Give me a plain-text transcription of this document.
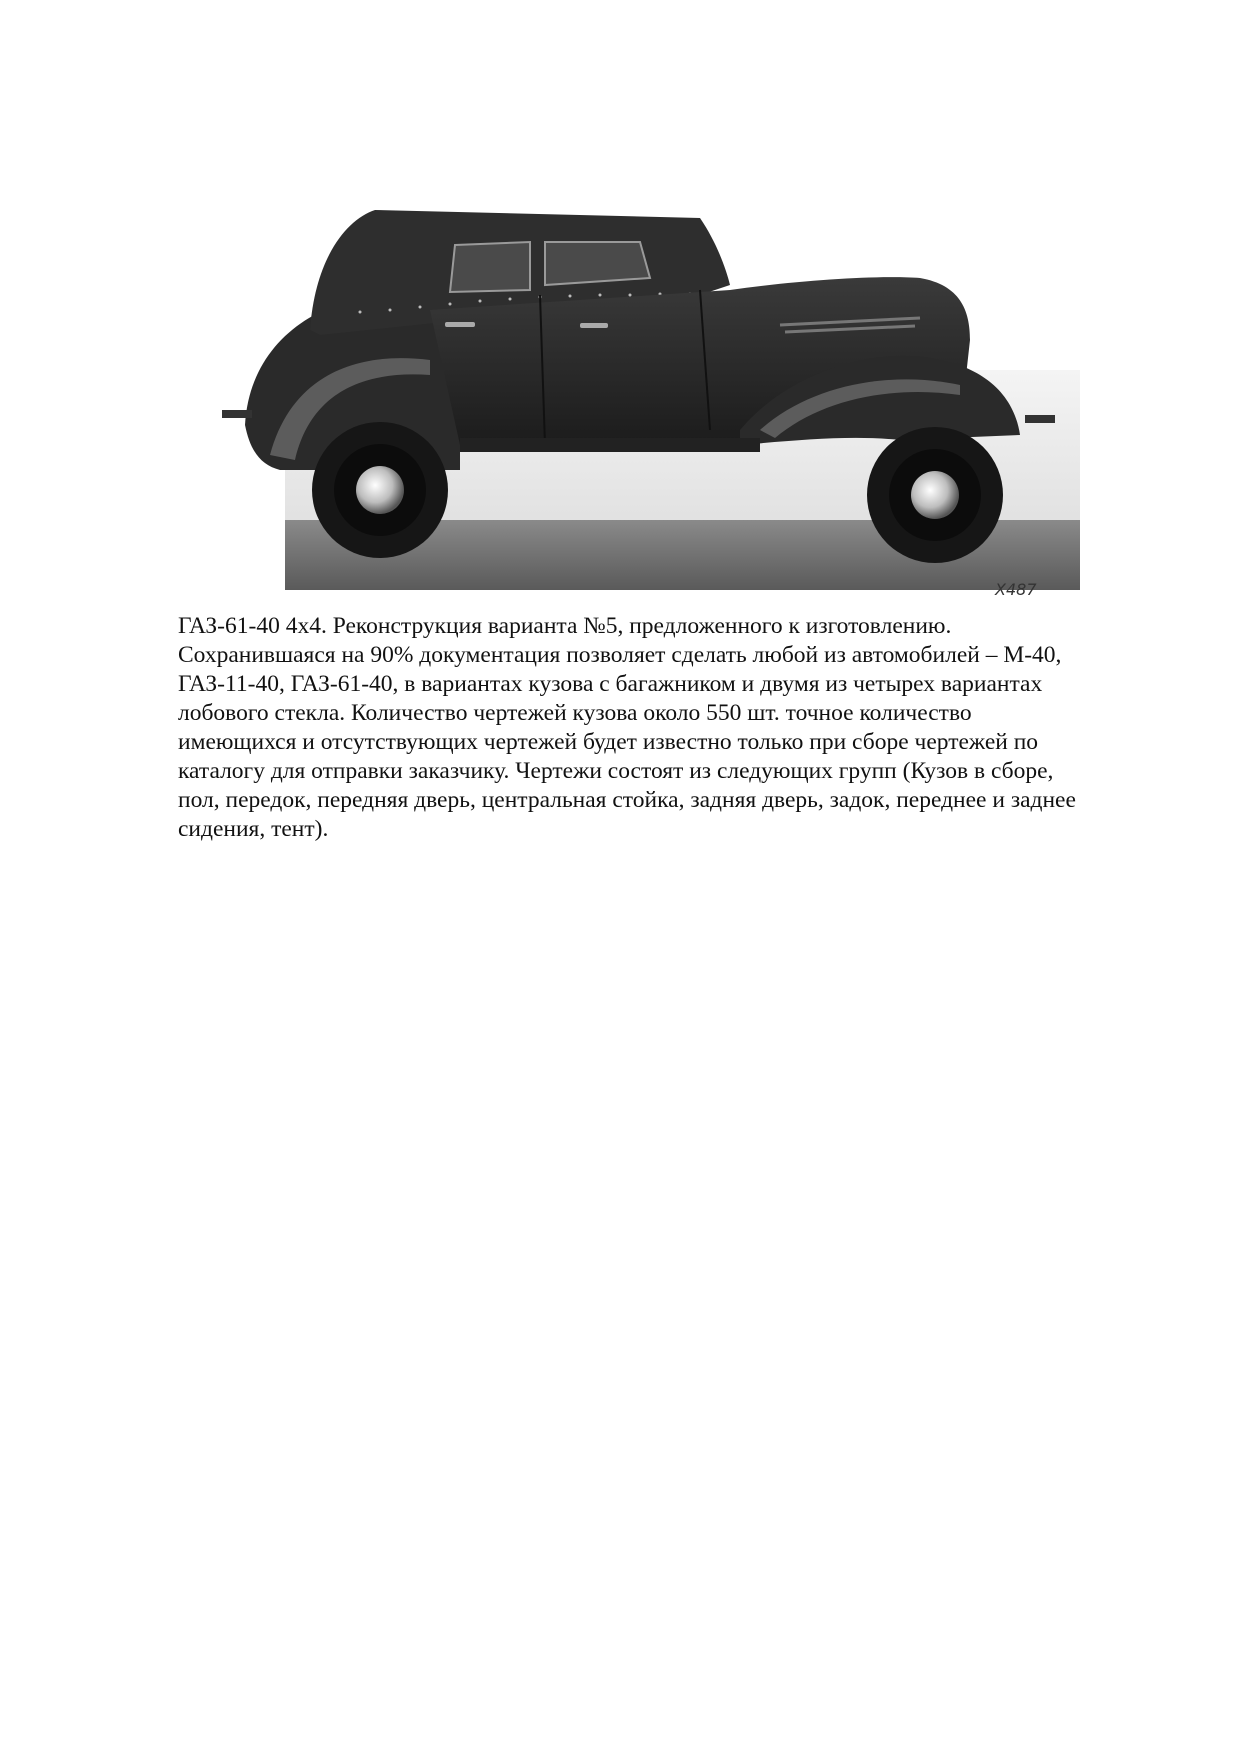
X487
ГАЗ-61-40 4х4. Реконструкция варианта №5, предложенного к изготовлению.
Сохранившаяся на 90% документация позволяет сделать любой из автомобилей – М-40,
ГАЗ-11-40, ГАЗ-61-40, в вариантах кузова с багажником и двумя из четырех вариантах
лобового стекла. Количество чертежей кузова около 550 шт. точное количество
имеющихся и отсутствующих чертежей будет известно только при сборе чертежей по
каталогу для отправки заказчику. Чертежи состоят из следующих групп (Кузов в сборе,
пол, передок, передняя дверь, центральная стойка, задняя дверь, задок, переднее и заднее
сидения, тент).
